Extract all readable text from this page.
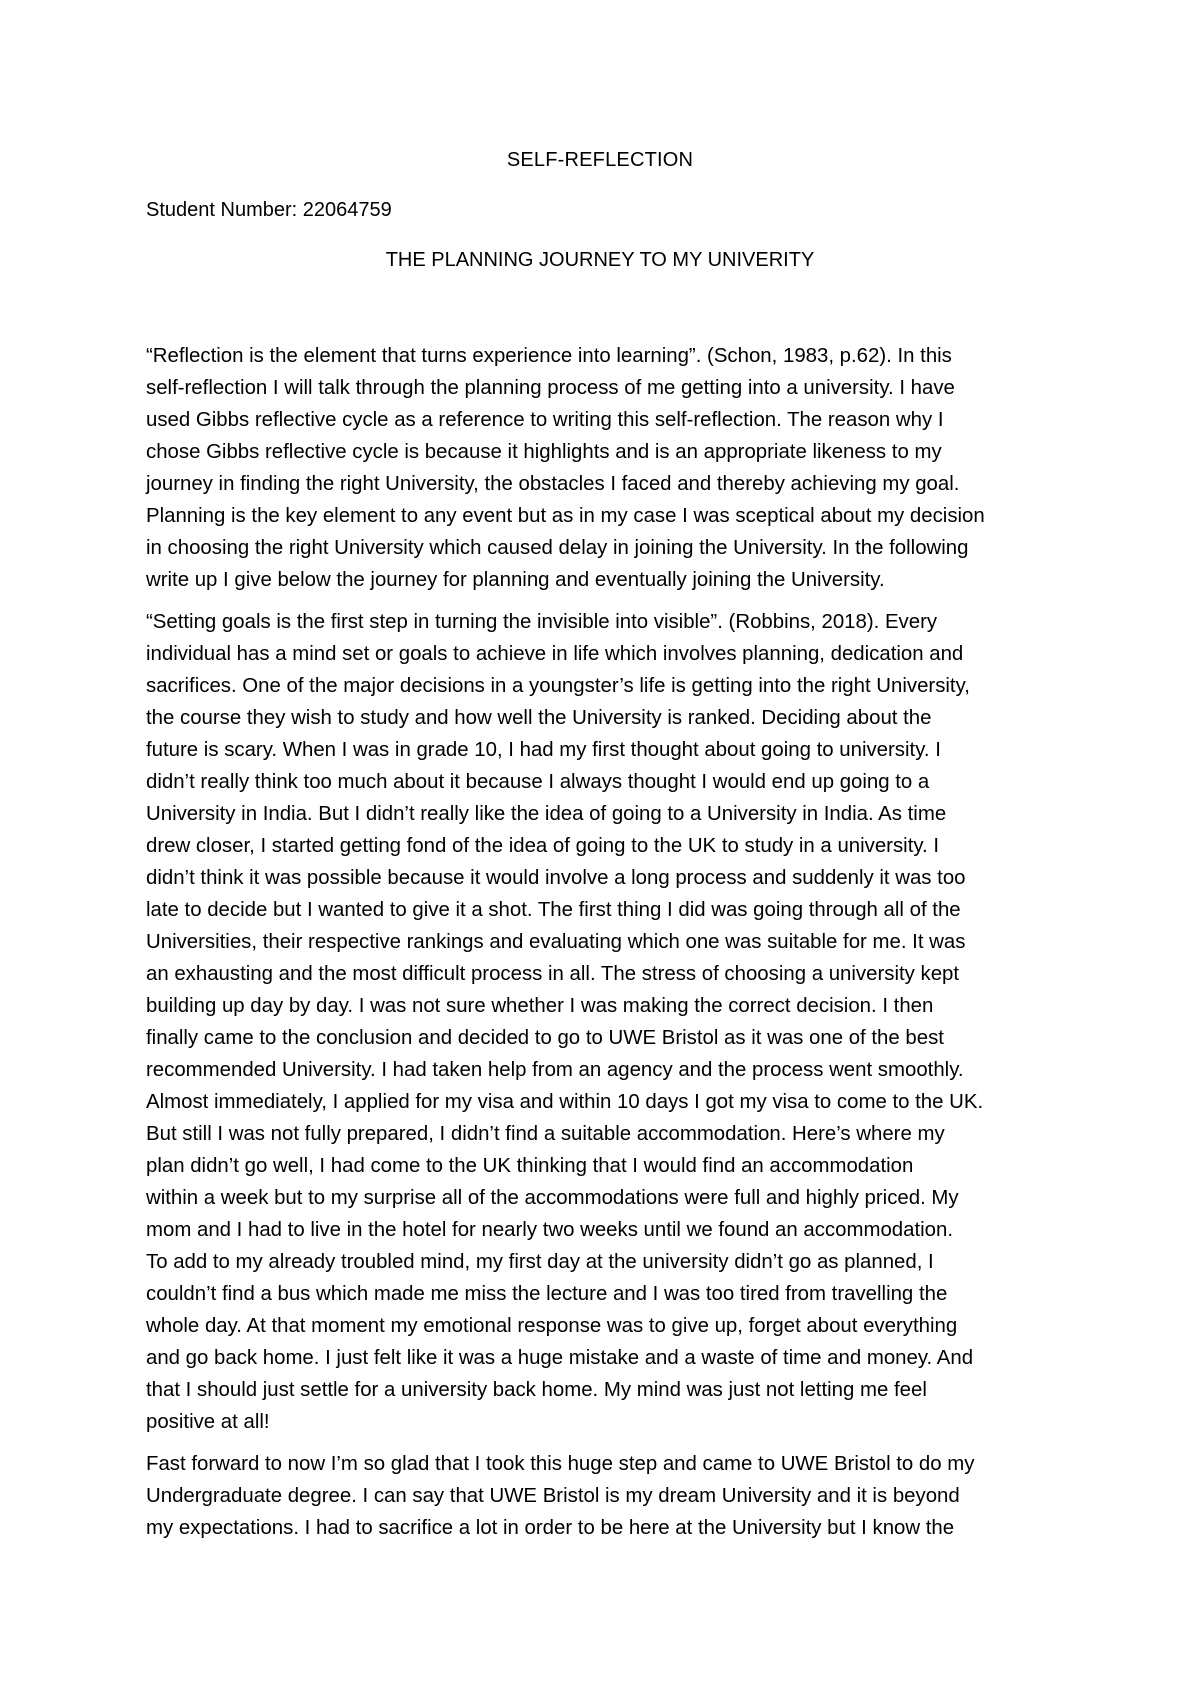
SELF-REFLECTION
Student Number: 22064759
THE PLANNING JOURNEY TO MY UNIVERITY

“Reflection is the element that turns experience into learning”. (Schon, 1983, p.62). In this
self-reflection I will talk through the planning process of me getting into a university. I have
used Gibbs reflective cycle as a reference to writing this self-reflection. The reason why I
chose Gibbs reflective cycle is because it highlights and is an appropriate likeness to my
journey in finding the right University, the obstacles I faced and thereby achieving my goal.
Planning is the key element to any event but as in my case I was sceptical about my decision
in choosing the right University which caused delay in joining the University. In the following
write up I give below the journey for planning and eventually joining the University.

“Setting goals is the first step in turning the invisible into visible”. (Robbins, 2018). Every
individual has a mind set or goals to achieve in life which involves planning, dedication and
sacrifices. One of the major decisions in a youngster’s life is getting into the right University,
the course they wish to study and how well the University is ranked. Deciding about the
future is scary. When I was in grade 10, I had my first thought about going to university. I
didn’t really think too much about it because I always thought I would end up going to a
University in India. But I didn’t really like the idea of going to a University in India. As time
drew closer, I started getting fond of the idea of going to the UK to study in a university. I
didn’t think it was possible because it would involve a long process and suddenly it was too
late to decide but I wanted to give it a shot. The first thing I did was going through all of the
Universities, their respective rankings and evaluating which one was suitable for me. It was
an exhausting and the most difficult process in all. The stress of choosing a university kept
building up day by day. I was not sure whether I was making the correct decision. I then
finally came to the conclusion and decided to go to UWE Bristol as it was one of the best
recommended University. I had taken help from an agency and the process went smoothly.
Almost immediately, I applied for my visa and within 10 days I got my visa to come to the UK.
But still I was not fully prepared, I didn’t find a suitable accommodation. Here’s where my
plan didn’t go well, I had come to the UK thinking that I would find an accommodation
within a week but to my surprise all of the accommodations were full and highly priced. My
mom and I had to live in the hotel for nearly two weeks until we found an accommodation.
To add to my already troubled mind, my first day at the university didn’t go as planned, I
couldn’t find a bus which made me miss the lecture and I was too tired from travelling the
whole day. At that moment my emotional response was to give up, forget about everything
and go back home. I just felt like it was a huge mistake and a waste of time and money. And
that I should just settle for a university back home. My mind was just not letting me feel
positive at all!

Fast forward to now I’m so glad that I took this huge step and came to UWE Bristol to do my
Undergraduate degree. I can say that UWE Bristol is my dream University and it is beyond
my expectations. I had to sacrifice a lot in order to be here at the University but I know the
